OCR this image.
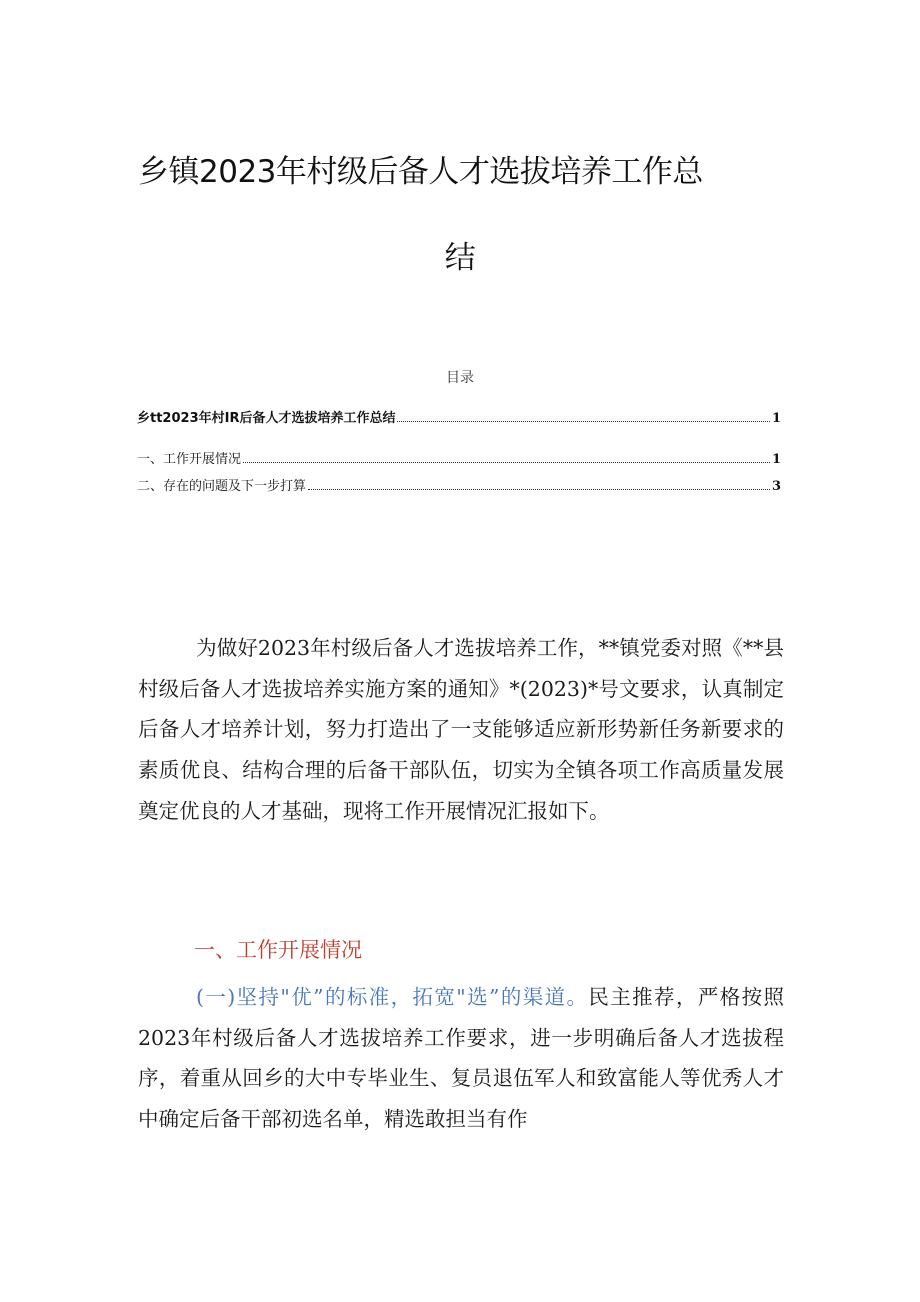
乡镇2023年村级后备人才选拔培养工作总
结
目录
乡tt2023年村IR后备人才选拔培养工作总结	1
一、工作开展情况	1
二、存在的问题及下一步打算	3
为做好2023年村级后备人才选拔培养工作，**镇党委对照《**县村级后备人才选拔培养实施方案的通知》*(2023)*号文要求，认真制定后备人才培养计划，努力打造出了一支能够适应新形势新任务新要求的素质优良、结构合理的后备干部队伍，切实为全镇各项工作高质量发展奠定优良的人才基础，现将工作开展情况汇报如下。
一、工作开展情况
(一)坚持"优”的标准，拓宽"选”的渠道。民主推荐，严格按照2023年村级后备人才选拔培养工作要求，进一步明确后备人才选拔程序，着重从回乡的大中专毕业生、复员退伍军人和致富能人等优秀人才中确定后备干部初选名单，精选敢担当有作
